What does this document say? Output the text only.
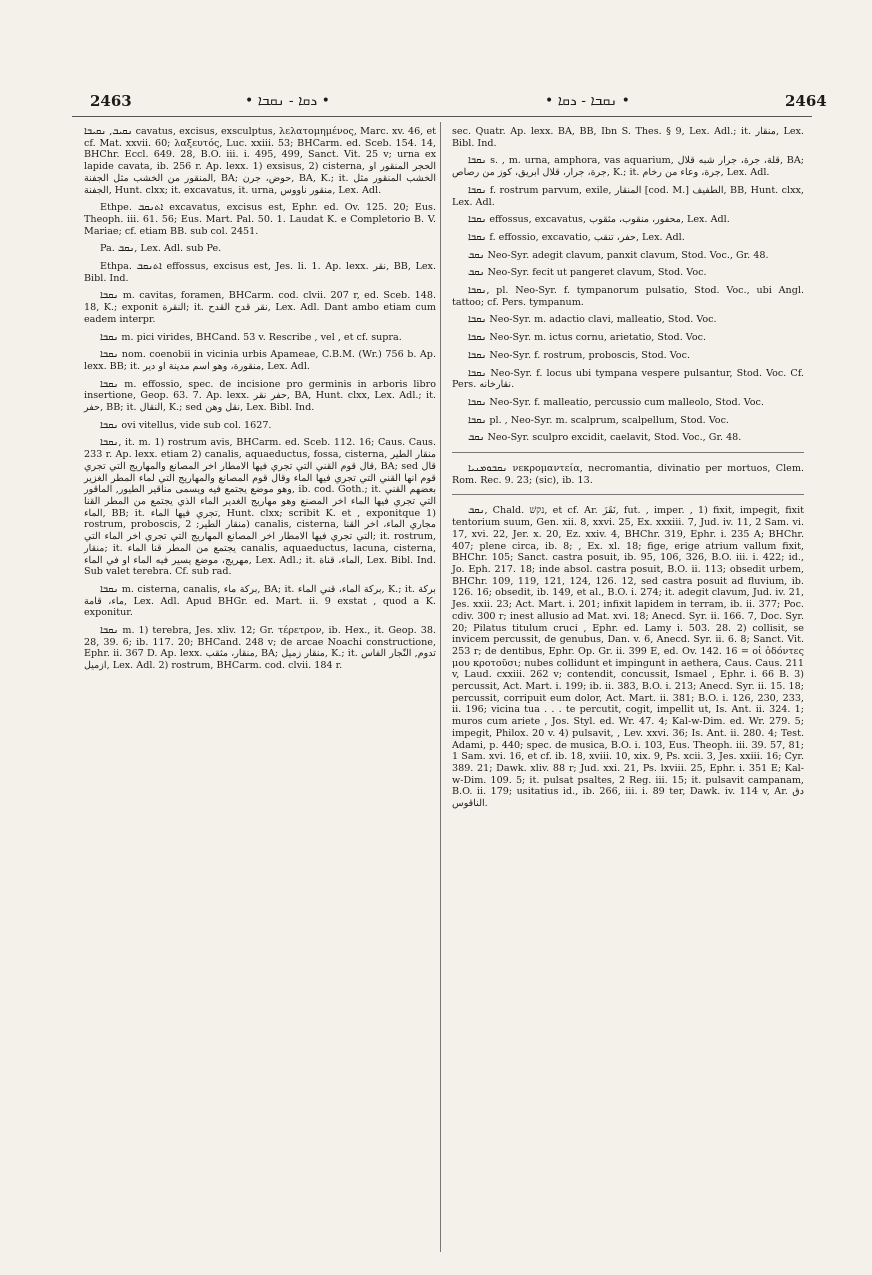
2463	• ܖܩܐ - ܢܩܒܐ •	• ܢܩܒܐ - ܖܩܐ •	2464

ܢܩܝܒ, ܢܩܝܒܐ cavatus, excisus, exsculptus, λελατομημένος, Marc. xv. 46, et cf. Mat. xxvii. 60; λαξευτός, Luc. xxiii. 53; BHCarm. ed. Sceb. 154. 14, BHChr. Eccl. 649. 28, B.O. iii. i. 495, 499, Sanct. Vit. 25 v; urna ex lapide cavata, ib. 256 r. Ap. lexx. 1) exsisus, 2) cisterna, الحجر المنقور او المنقور من الخشب مثل الجفنة, BA; حوض، جرن, BA, K.; it. الخشب المنقور مثل الجفنة, Hunt. clxx; it. excavatus, it. urna, منقور ناووس, Lex. Adl.

Ethpe. ܐܬܢܩܒ excavatus, excisus est, Ephr. ed. Ov. 125. 20; Eus. Theoph. iii. 61. 56; Eus. Mart. Pal. 50. 1. Laudat K. e Completorio B. V. Mariae; cf. etiam BB. sub col. 2451.

Pa. ܢܩܒ, Lex. Adl. sub Pe.

Ethpa. ܐܬܢܩܒ effossus, excisus est, Jes. li. 1. Ap. lexx. نقر, BB, Lex. Bibl. Ind.

ܢܩܒܐ m. cavitas, foramen, BHCarm. cod. clvii. 207 r, ed. Sceb. 148. 18, K.; exponit النقرة; it. نقر قدح القدح, Lex. Adl. Dant ambo etiam cum eadem interpr.

ܢܩܒܐ m. pici virides, BHCand. 53 v. Rescribe , vel , et cf. supra.

ܢܩܒܐ nom. coenobii in vicinia urbis Apameae, C.B.M. (Wr.) 756 b. Ap. lexx. BB; it. منقورة، وهو اسم مدينة او دير, Lex. Adl.

ܢܩܒܐ m. effossio, spec. de incisione pro germinis in arboris libro insertione, Geop. 63. 7. Ap. lexx. حفر نقر, BA, Hunt. clxx, Lex. Adl.; it. حفر, BB; it. النقال, K.; sed نقل وهن, Lex. Bibl. Ind.

ܢܩܒܐ ovi vitellus, vide sub col. 1627.

ܢܩܒܐ, it. m. 1) rostrum avis, BHCarm. ed. Sceb. 112. 16; Caus. Caus. 233 r. Ap. lexx. etiam 2) canalis, aquaeductus, fossa, cisterna, منقار الطير قال قوم القني التي تجري فيها الامطار اخر المصانع والمهاريج التي تجري, BA; sed قال قوم انها القني التي تجري فيها الماء وقال قوم المصانع والمهاريج التي لماء المطر الغزير وهو موضع يجتمع فيه ويسمى مناقير الطيور, الماقور, ib. cod. Goth.; it. بعضهم القني التي تجري فيها الماء اخر المصنع وهو مهاريج الغدير الماء الذي يجتمع من المطر القنا الماء, BB; it. تجري فيها الماء, Hunt. clxx; scribit K. et , exponitque 1) rostrum, proboscis, منقار الطير; 2) canalis, cisterna, مجاري الماء، اخر القنا التي تجري فيها الامطار اخر المصانع المهاريج التي تجري اخر الماء التي; it. rostrum, منقار; it. يجتمع من المطر قنا الماء canalis, aquaeductus, lacuna, cisterna, مهريج، موضع يسير فيه الماء او في الماء, Lex. Adl.; it. الماء، قناة, Lex. Bibl. Ind. Sub valet terebra. Cf. sub rad.

ܢܩܒܐ m. cisterna, canalis, بركة ماء, BA; it. بركة الماء، قني الماء, K.; it. بركة ماء، قامة, Lex. Adl. Apud BHGr. ed. Mart. ii. 9 exstat , quod a K. exponitur.

ܢܩܒܐ m. 1) terebra, Jes. xliv. 12; Gr. τέρετρον, ib. Hex., it. Geop. 38. 28, 39. 6; ib. 117. 20; BHCand. 248 v; de arcae Noachi constructione, Ephr. ii. 367 D. Ap. lexx. منقار، مثقب, BA; منقار زميل, K.; it. تدوم, النّجار الفاس ازميل, Lex. Adl. 2) rostrum, BHCarm. cod. clvii. 184 r.

sec. Quatr. Ap. lexx. BA, BB, Ibn S. Thes. § 9, Lex. Adl.; it. منقار, Lex. Bibl. Ind.

ܢܩܒܐ s. , m. urna, amphora, vas aquarium, قلة، جرة، جرار شبه قلال, BA; جرة، جرار، قلال ابريق، كوز من رصاص, K.; it. جرة، وعاء من رخام, Lex. Adl.

ܢܩܒܐ f. rostrum parvum, exile, المنقار [cod. M.] الطفيف, BB, Hunt. clxx, Lex. Adl.

ܢܩܒܐ effossus, excavatus, محفور، منقوب، مثقوب, Lex. Adl.

ܢܩܒܐ f. effossio, excavatio, حفر، تنقب, Lex. Adl.

ܢܩܒ Neo-Syr. adegit clavum, panxit clavum, Stod. Voc., Gr. 48.

ܢܩܒ Neo-Syr. fecit ut pangeret clavum, Stod. Voc.

ܢܩܒܐ, pl. Neo-Syr. f. tympanorum pulsatio, Stod. Voc., ubi Angl. tattoo; cf. Pers. tympanum.

ܢܩܒܐ Neo-Syr. m. adactio clavi, malleatio, Stod. Voc.

ܢܩܒܐ Neo-Syr. m. ictus cornu, arietatio, Stod. Voc.

ܢܩܒܐ Neo-Syr. f. rostrum, proboscis, Stod. Voc.

ܢܩܒܐ Neo-Syr. f. locus ubi tympana vespere pulsantur, Stod. Voc. Cf. Pers. نقارخانه.

ܢܩܒܐ Neo-Syr. f. malleatio, percussio cum malleolo, Stod. Voc.

ܢܩܒܐ pl. , Neo-Syr. m. scalprum, scalpellum, Stod. Voc.

ܢܩܒ Neo-Syr. sculpro excidit, caelavit, Stod. Voc., Gr. 48.

ܢܩܒܘܡܢܝܐ νεκρομαντεία, necromantia, divinatio per mortuos, Clem. Rom. Rec. 9. 23; (sic), ib. 13.

ܢܩܒ, Chald. נקשׁ, et cf. Ar. نَقَزَ, fut. , imper. , 1) fixit, impegit, fixit tentorium suum, Gen. xii. 8, xxvi. 25, Ex. xxxiii. 7, Jud. iv. 11, 2 Sam. vi. 17, xvi. 22, Jer. x. 20, Ez. xxiv. 4, BHChr. 319, Ephr. i. 235 A; BHChr. 407; plene circa, ib. 8; , Ex. xl. 18; fige, erige atrium vallum fixit, BHChr. 105; Sanct. castra posuit, ib. 95, 106, 326, B.O. iii. i. 422; id., Jo. Eph. 217. 18; inde absol. castra posuit, B.O. ii. 113; obsedit urbem, BHChr. 109, 119, 121, 124, 126. 12, sed castra posuit ad fluvium, ib. 126. 16; obsedit, ib. 149, et al., B.O. i. 274; it. adegit clavum, Jud. iv. 21, Jes. xxii. 23; Act. Mart. i. 201; infixit lapidem in terram, ib. ii. 377; Poc. cdiv. 300 r; inest allusio ad Mat. xvi. 18; Anecd. Syr. ii. 166. 7, Doc. Syr. 20; Pilatus titulum cruci , Ephr. ed. Lamy i. 503. 28. 2) collisit, se invicem percussit, de genubus, Dan. v. 6, Anecd. Syr. ii. 6. 8; Sanct. Vit. 253 r; de dentibus, Ephr. Op. Gr. ii. 399 E, ed. Ov. 142. 16 = οἱ ὀδόντες μου κροτοῦσι; nubes collidunt et impingunt in aethera, Caus. Caus. 211 v, Laud. cxxiii. 262 v; contendit, concussit, Ismael , Ephr. i. 66 B. 3) percussit, Act. Mart. i. 199; ib. ii. 383, B.O. i. 213; Anecd. Syr. ii. 15. 18; percussit, corripuit eum dolor, Act. Mart. ii. 381; B.O. i. 126, 230, 233, ii. 196; vicina tua . . . te percutit, cogit, impellit ut, Is. Ant. ii. 324. 1; muros cum ariete , Jos. Styl. ed. Wr. 47. 4; Kal-w-Dim. ed. Wr. 279. 5; impegit, Philox. 20 v. 4) pulsavit, , Lev. xxvi. 36; Is. Ant. ii. 280. 4; Test. Adami, p. 440; spec. de musica, B.O. i. 103, Eus. Theoph. iii. 39. 57, 81; 1 Sam. xvi. 16, et cf. ib. 18, xviii. 10, xix. 9, Ps. xcii. 3, Jes. xxiii. 16; Cyr. 389. 21; Dawk. xliv. 88 r; Jud. xxi. 21, Ps. lxviii. 25, Ephr. i. 351 E; Kal-w-Dim. 109. 5; it. pulsat psaltes, 2 Reg. iii. 15; it. pulsavit campanam, B.O. ii. 179; usitatius id., ib. 266, iii. i. 89 ter, Dawk. iv. 114 v, Ar. دق الناقوس.
